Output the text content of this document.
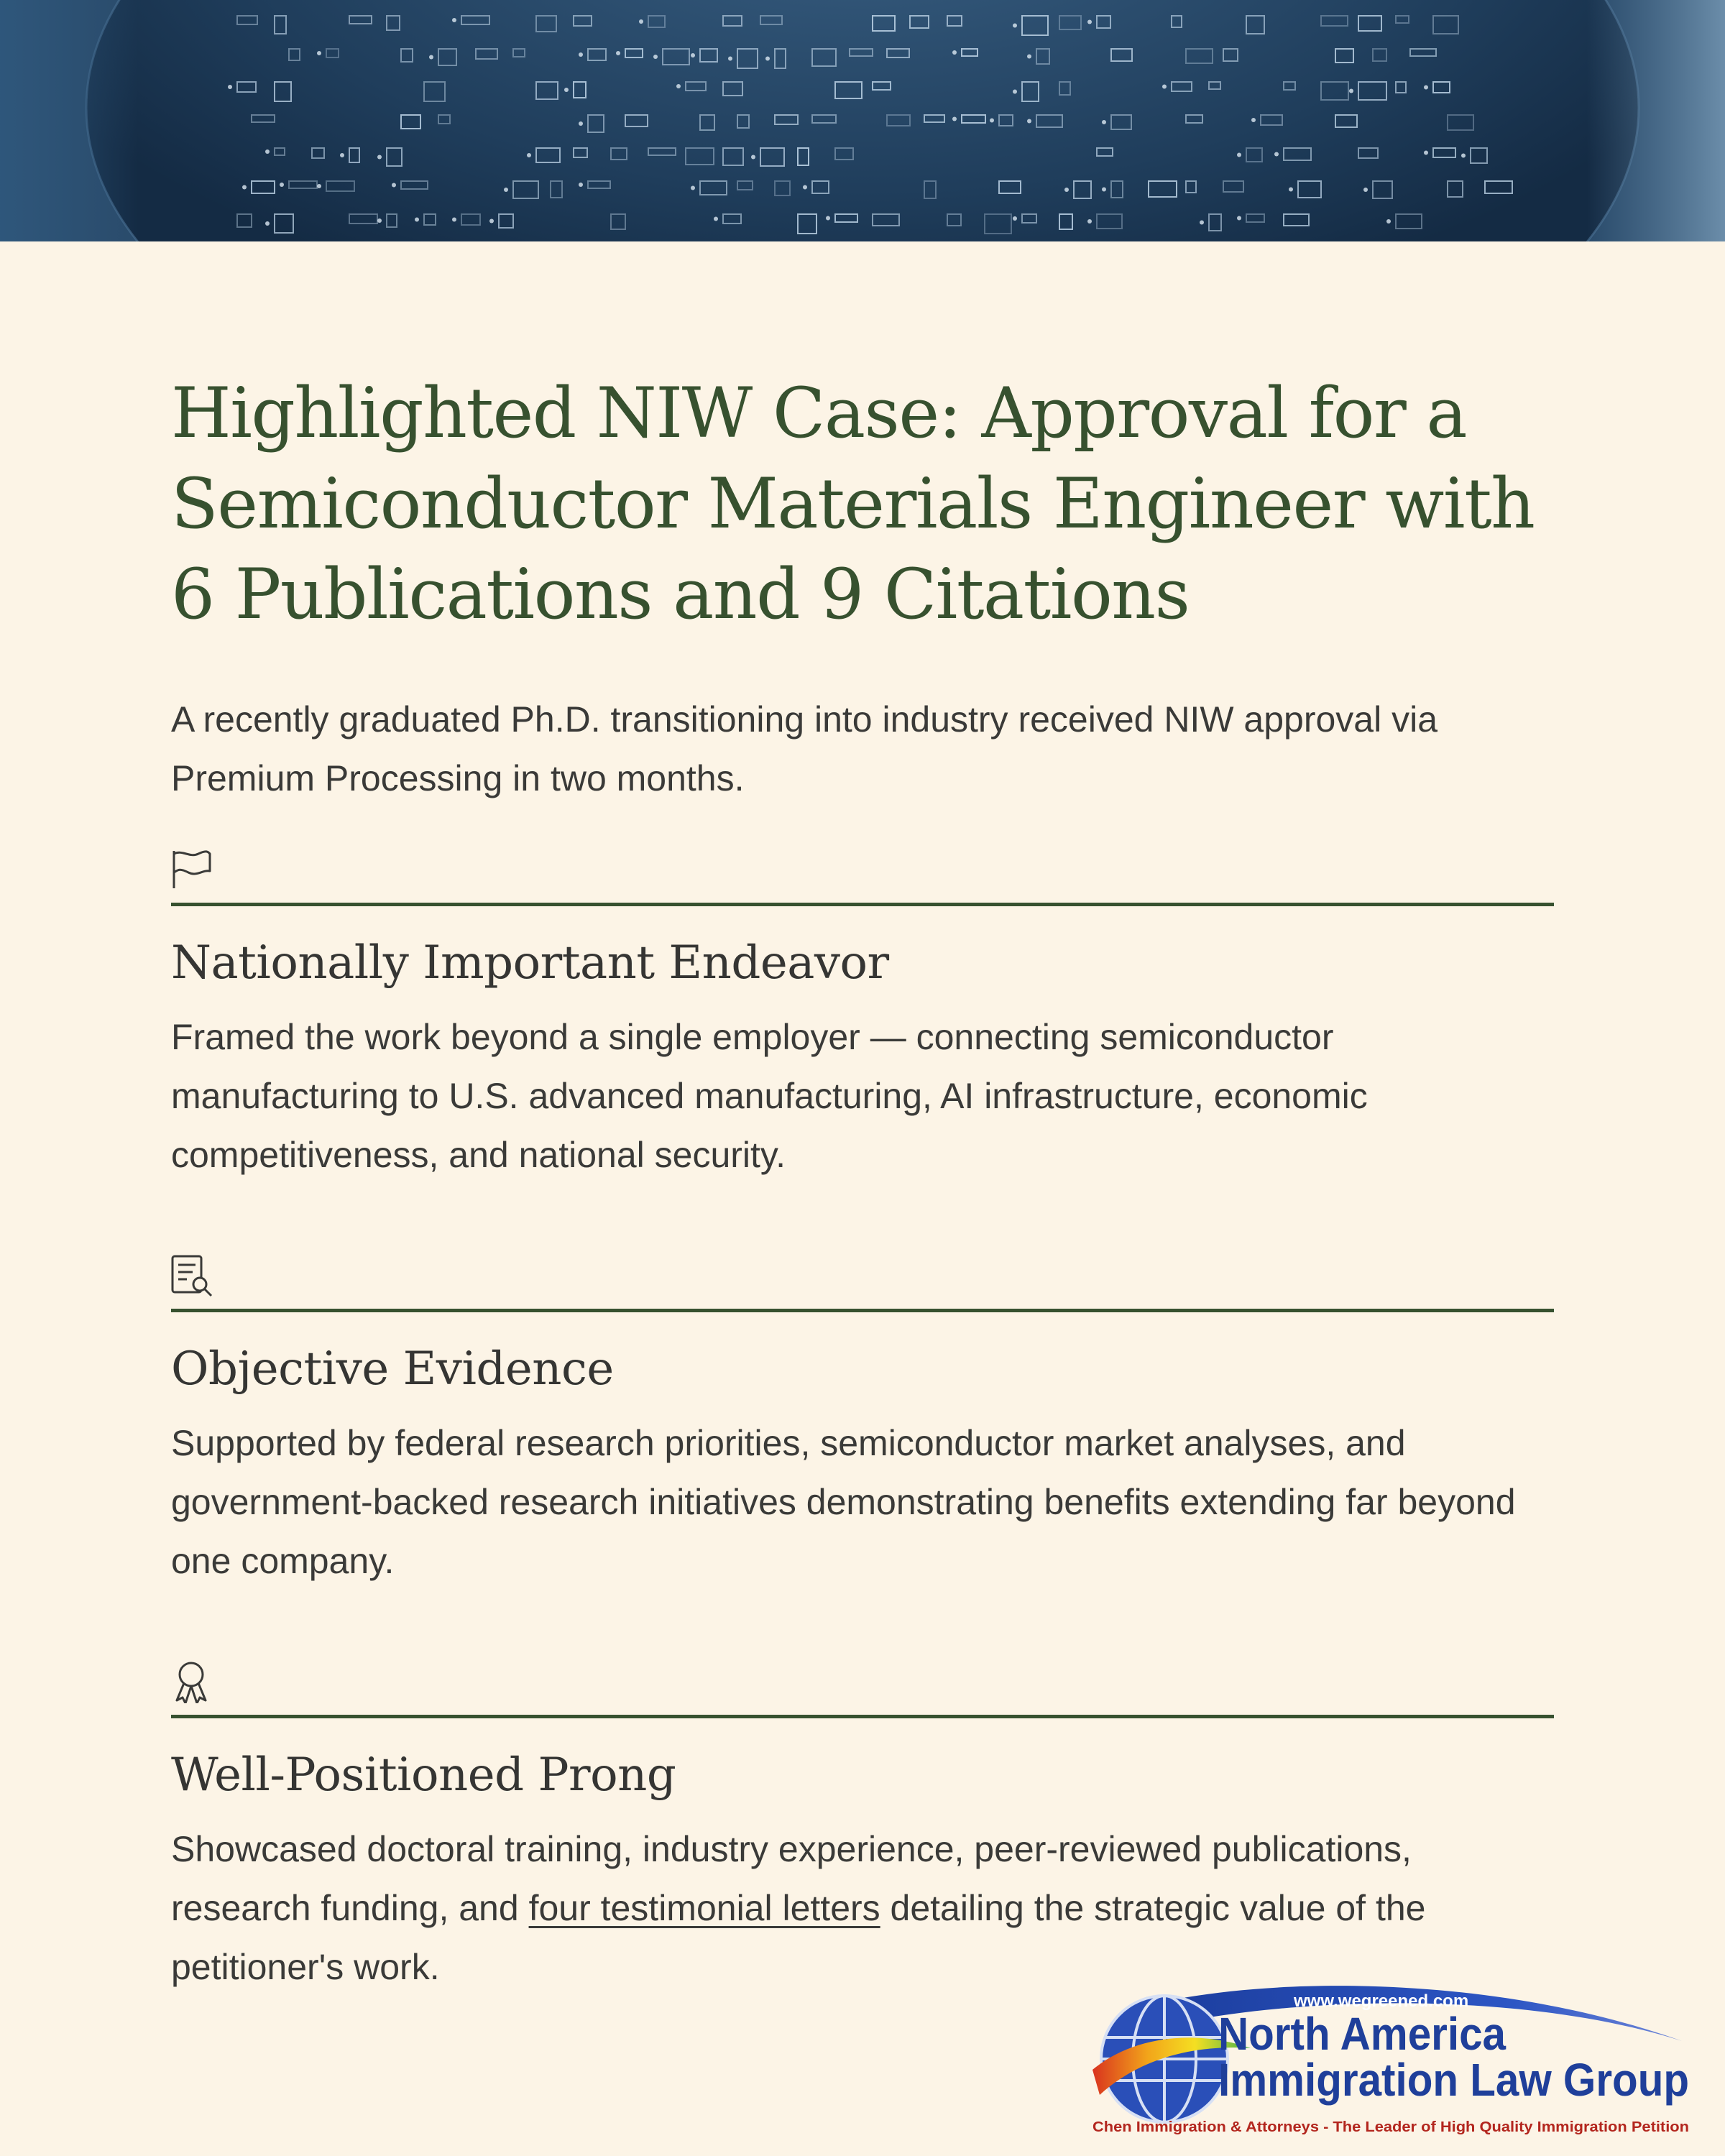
Highlighted NIW Case: Approval for a Semiconductor Materials Engineer with 6 Publications and 9 Citations

A recently graduated Ph.D. transitioning into industry received NIW approval via Premium Processing in two months.

Nationally Important Endeavor

Framed the work beyond a single employer — connecting semiconductor manufacturing to U.S. advanced manufacturing, AI infrastructure, economic competitiveness, and national security.

Objective Evidence

Supported by federal research priorities, semiconductor market analyses, and government-backed research initiatives demonstrating benefits extending far beyond one company.

Well-Positioned Prong

Showcased doctoral training, industry experience, peer-reviewed publications, research funding, and four testimonial letters detailing the strategic value of the petitioner's work.

www.wegreened.com
North America
Immigration Law Group
Chen Immigration & Attorneys - The Leader of High Quality Immigration Petition
